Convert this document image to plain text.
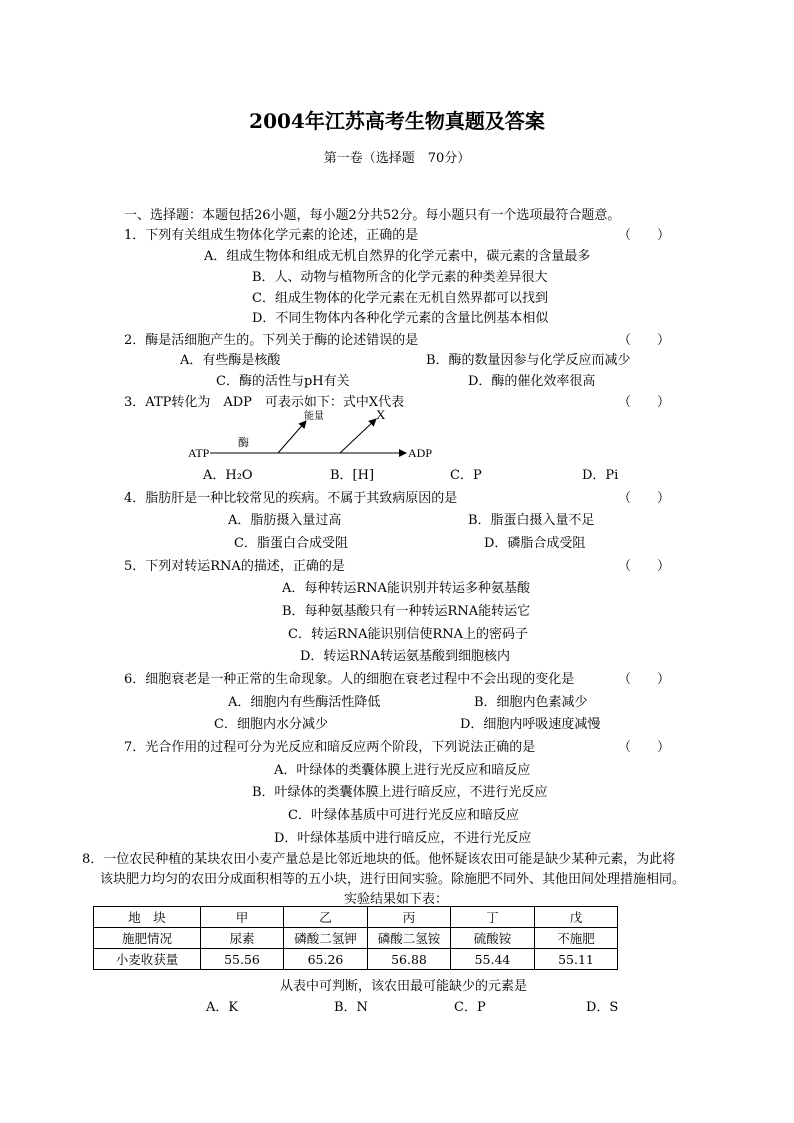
2004年江苏高考生物真题及答案
第一卷（选择题　70分）
一、选择题：本题包括26小题，每小题2分共52分。每小题只有一个选项最符合题意。
1．下列有关组成生物体化学元素的论述，正确的是	（　　）
A．组成生物体和组成无机自然界的化学元素中，碳元素的含量最多
B．人、动物与植物所含的化学元素的种类差异很大
C．组成生物体的化学元素在无机自然界都可以找到
D．不同生物体内各种化学元素的含量比例基本相似
2．酶是活细胞产生的。下列关于酶的论述错误的是	（　　）
A．有些酶是核酸	B．酶的数量因参与化学反应而减少
C．酶的活性与pH有关	D．酶的催化效率很高
3．ATP转化为　ADP　可表示如下：式中X代表	（　　）
ATP
酶
能量	X
ADP
A．H₂O	B．[H]	C．P	D．Pi
4．脂肪肝是一种比较常见的疾病。不属于其致病原因的是	（　　）
A．脂肪摄入量过高	B．脂蛋白摄入量不足
C．脂蛋白合成受阻	D．磷脂合成受阻
5．下列对转运RNA的描述，正确的是	（　　）
A．每种转运RNA能识别并转运多种氨基酸
B．每种氨基酸只有一种转运RNA能转运它
C．转运RNA能识别信使RNA上的密码子
D．转运RNA转运氨基酸到细胞核内
6．细胞衰老是一种正常的生命现象。人的细胞在衰老过程中不会出现的变化是	（　　）
A．细胞内有些酶活性降低	B．细胞内色素减少
C．细胞内水分减少	D．细胞内呼吸速度减慢
7．光合作用的过程可分为光反应和暗反应两个阶段，下列说法正确的是	（　　）
A．叶绿体的类囊体膜上进行光反应和暗反应
B．叶绿体的类囊体膜上进行暗反应，不进行光反应
C．叶绿体基质中可进行光反应和暗反应
D．叶绿体基质中进行暗反应，不进行光反应
8．一位农民种植的某块农田小麦产量总是比邻近地块的低。他怀疑该农田可能是缺少某种元素，为此将
该块肥力均匀的农田分成面积相等的五小块，进行田间实验。除施肥不同外、其他田间处理措施相同。
实验结果如下表：
地　块	甲	乙	丙	丁	戊
施肥情况	尿素	磷酸二氢钾	磷酸二氢铵	硫酸铵	不施肥
小麦收获量	55.56	65.26	56.88	55.44	55.11
从表中可判断，该农田最可能缺少的元素是
A．K	B．N	C．P	D．S
